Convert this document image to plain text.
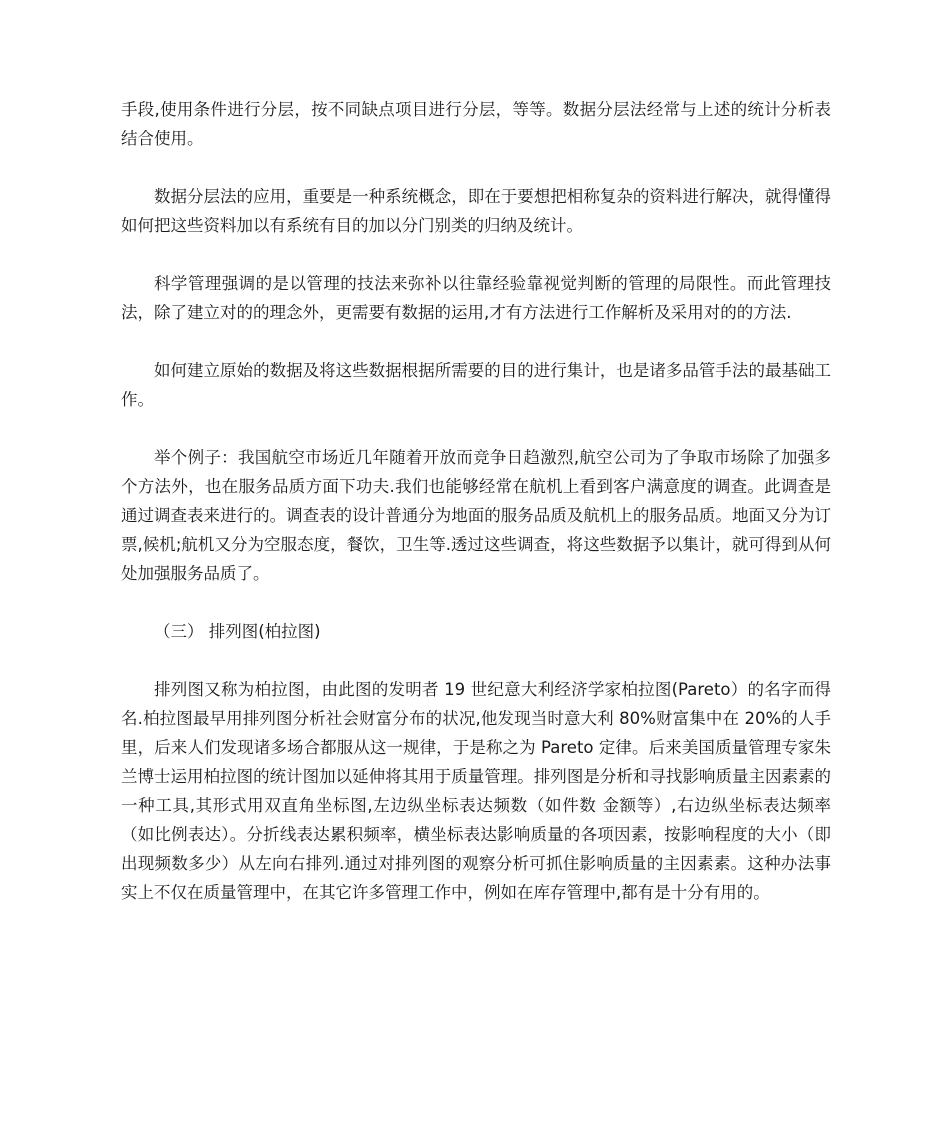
手段,使用条件进行分层，按不同缺点项目进行分层，等等。数据分层法经常与上述的统计分析表结合使用。

数据分层法的应用，重要是一种系统概念，即在于要想把相称复杂的资料进行解决，就得懂得如何把这些资料加以有系统有目的加以分门别类的归纳及统计。

科学管理强调的是以管理的技法来弥补以往靠经验靠视觉判断的管理的局限性。而此管理技法，除了建立对的的理念外，更需要有数据的运用,才有方法进行工作解析及采用对的的方法.

如何建立原始的数据及将这些数据根据所需要的目的进行集计，也是诸多品管手法的最基础工作。

举个例子：我国航空市场近几年随着开放而竞争日趋激烈,航空公司为了争取市场除了加强多个方法外，也在服务品质方面下功夫.我们也能够经常在航机上看到客户满意度的调查。此调查是通过调查表来进行的。调查表的设计普通分为地面的服务品质及航机上的服务品质。地面又分为订票,候机;航机又分为空服态度，餐饮，卫生等.透过这些调查，将这些数据予以集计，就可得到从何处加强服务品质了。

（三） 排列图(柏拉图)

排列图又称为柏拉图，由此图的发明者 19 世纪意大利经济学家柏拉图(Pareto）的名字而得名.柏拉图最早用排列图分析社会财富分布的状况,他发现当时意大利 80%财富集中在 20%的人手里，后来人们发现诸多场合都服从这一规律，于是称之为 Pareto 定律。后来美国质量管理专家朱兰博士运用柏拉图的统计图加以延伸将其用于质量管理。排列图是分析和寻找影响质量主因素素的一种工具,其形式用双直角坐标图,左边纵坐标表达频数（如件数 金额等）,右边纵坐标表达频率（如比例表达）。分折线表达累积频率，横坐标表达影响质量的各项因素，按影响程度的大小（即出现频数多少）从左向右排列.通过对排列图的观察分析可抓住影响质量的主因素素。这种办法事实上不仅在质量管理中，在其它许多管理工作中，例如在库存管理中,都有是十分有用的。
